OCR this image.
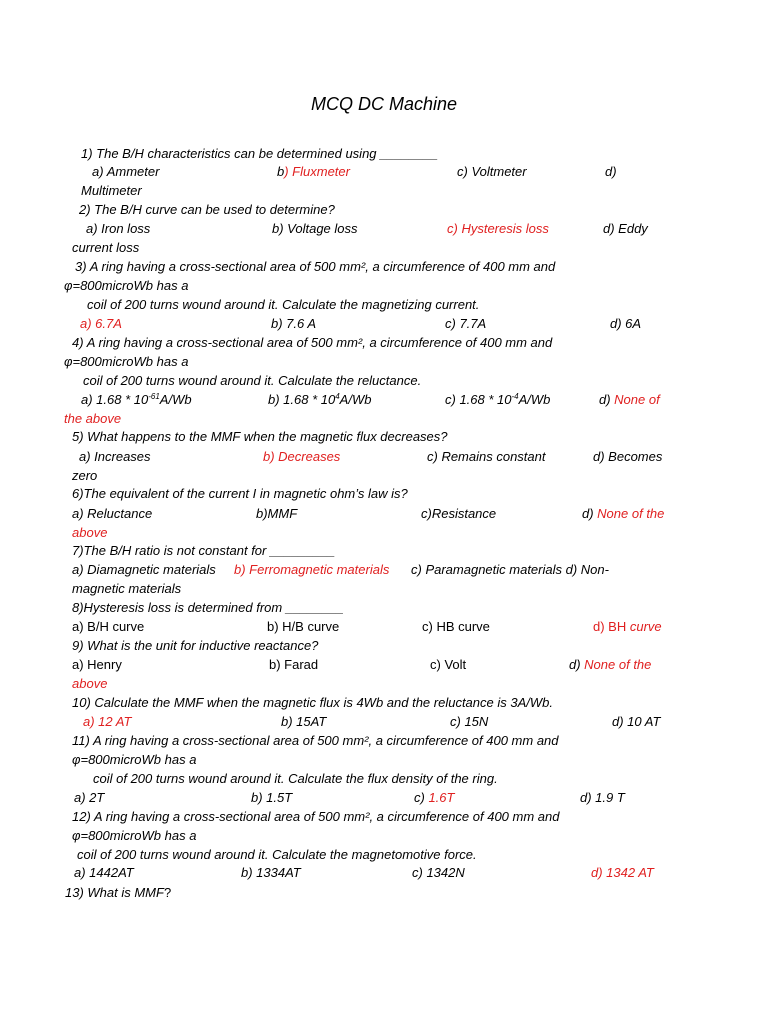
MCQ DC Machine
1) The B/H characteristics can be determined using ________
a) Ammeter	b) Fluxmeter	c) Voltmeter	d)
Multimeter
2) The B/H curve can be used to determine?
a) Iron loss	b) Voltage loss	c) Hysteresis loss	d) Eddy
current loss
3) A ring having a cross-sectional area of 500 mm², a circumference of 400 mm and
φ=800microWb has a
coil of 200 turns wound around it. Calculate the magnetizing current.
a) 6.7A	b) 7.6 A	c) 7.7A	d) 6A
4) A ring having a cross-sectional area of 500 mm², a circumference of 400 mm and
φ=800microWb has a
coil of 200 turns wound around it. Calculate the reluctance.
a) $1.68 * 10^{-61}A/Wb$	b) $1.68 * 10^4A/Wb$	c) $1.68 * 10^{-4}A/Wb$	d) None of
the above
5) What happens to the MMF when the magnetic flux decreases?
a) Increases	b) Decreases	c) Remains constant	d) Becomes
zero
6)The equivalent of the current I in magnetic ohm’s law is?
a) Reluctance	b)MMF	c)Resistance	d) None of the
above
7)The B/H ratio is not constant for _________
a) Diamagnetic materials b) Ferromagnetic materials c) Paramagnetic materials d) Non-
magnetic materials
8)Hysteresis loss is determined from ________
a) B/H curve	b) H/B curve	c) HB curve	d) BH curve
9) What is the unit for inductive reactance?
a) Henry	b) Farad	c) Volt	d) None of the
above
10) Calculate the MMF when the magnetic flux is 4Wb and the reluctance is 3A/Wb.
a) 12 AT	b) 15AT	c) 15N	d) 10 AT
11) A ring having a cross-sectional area of 500 mm², a circumference of 400 mm and
φ=800microWb has a
coil of 200 turns wound around it. Calculate the flux density of the ring.
a) 2T	b) 1.5T	c) 1.6T	d) 1.9 T
12) A ring having a cross-sectional area of 500 mm², a circumference of 400 mm and
φ=800microWb has a
coil of 200 turns wound around it. Calculate the magnetomotive force.
a) 1442AT	b) 1334AT	c) 1342N	d) 1342 AT
13) What is MMF?
